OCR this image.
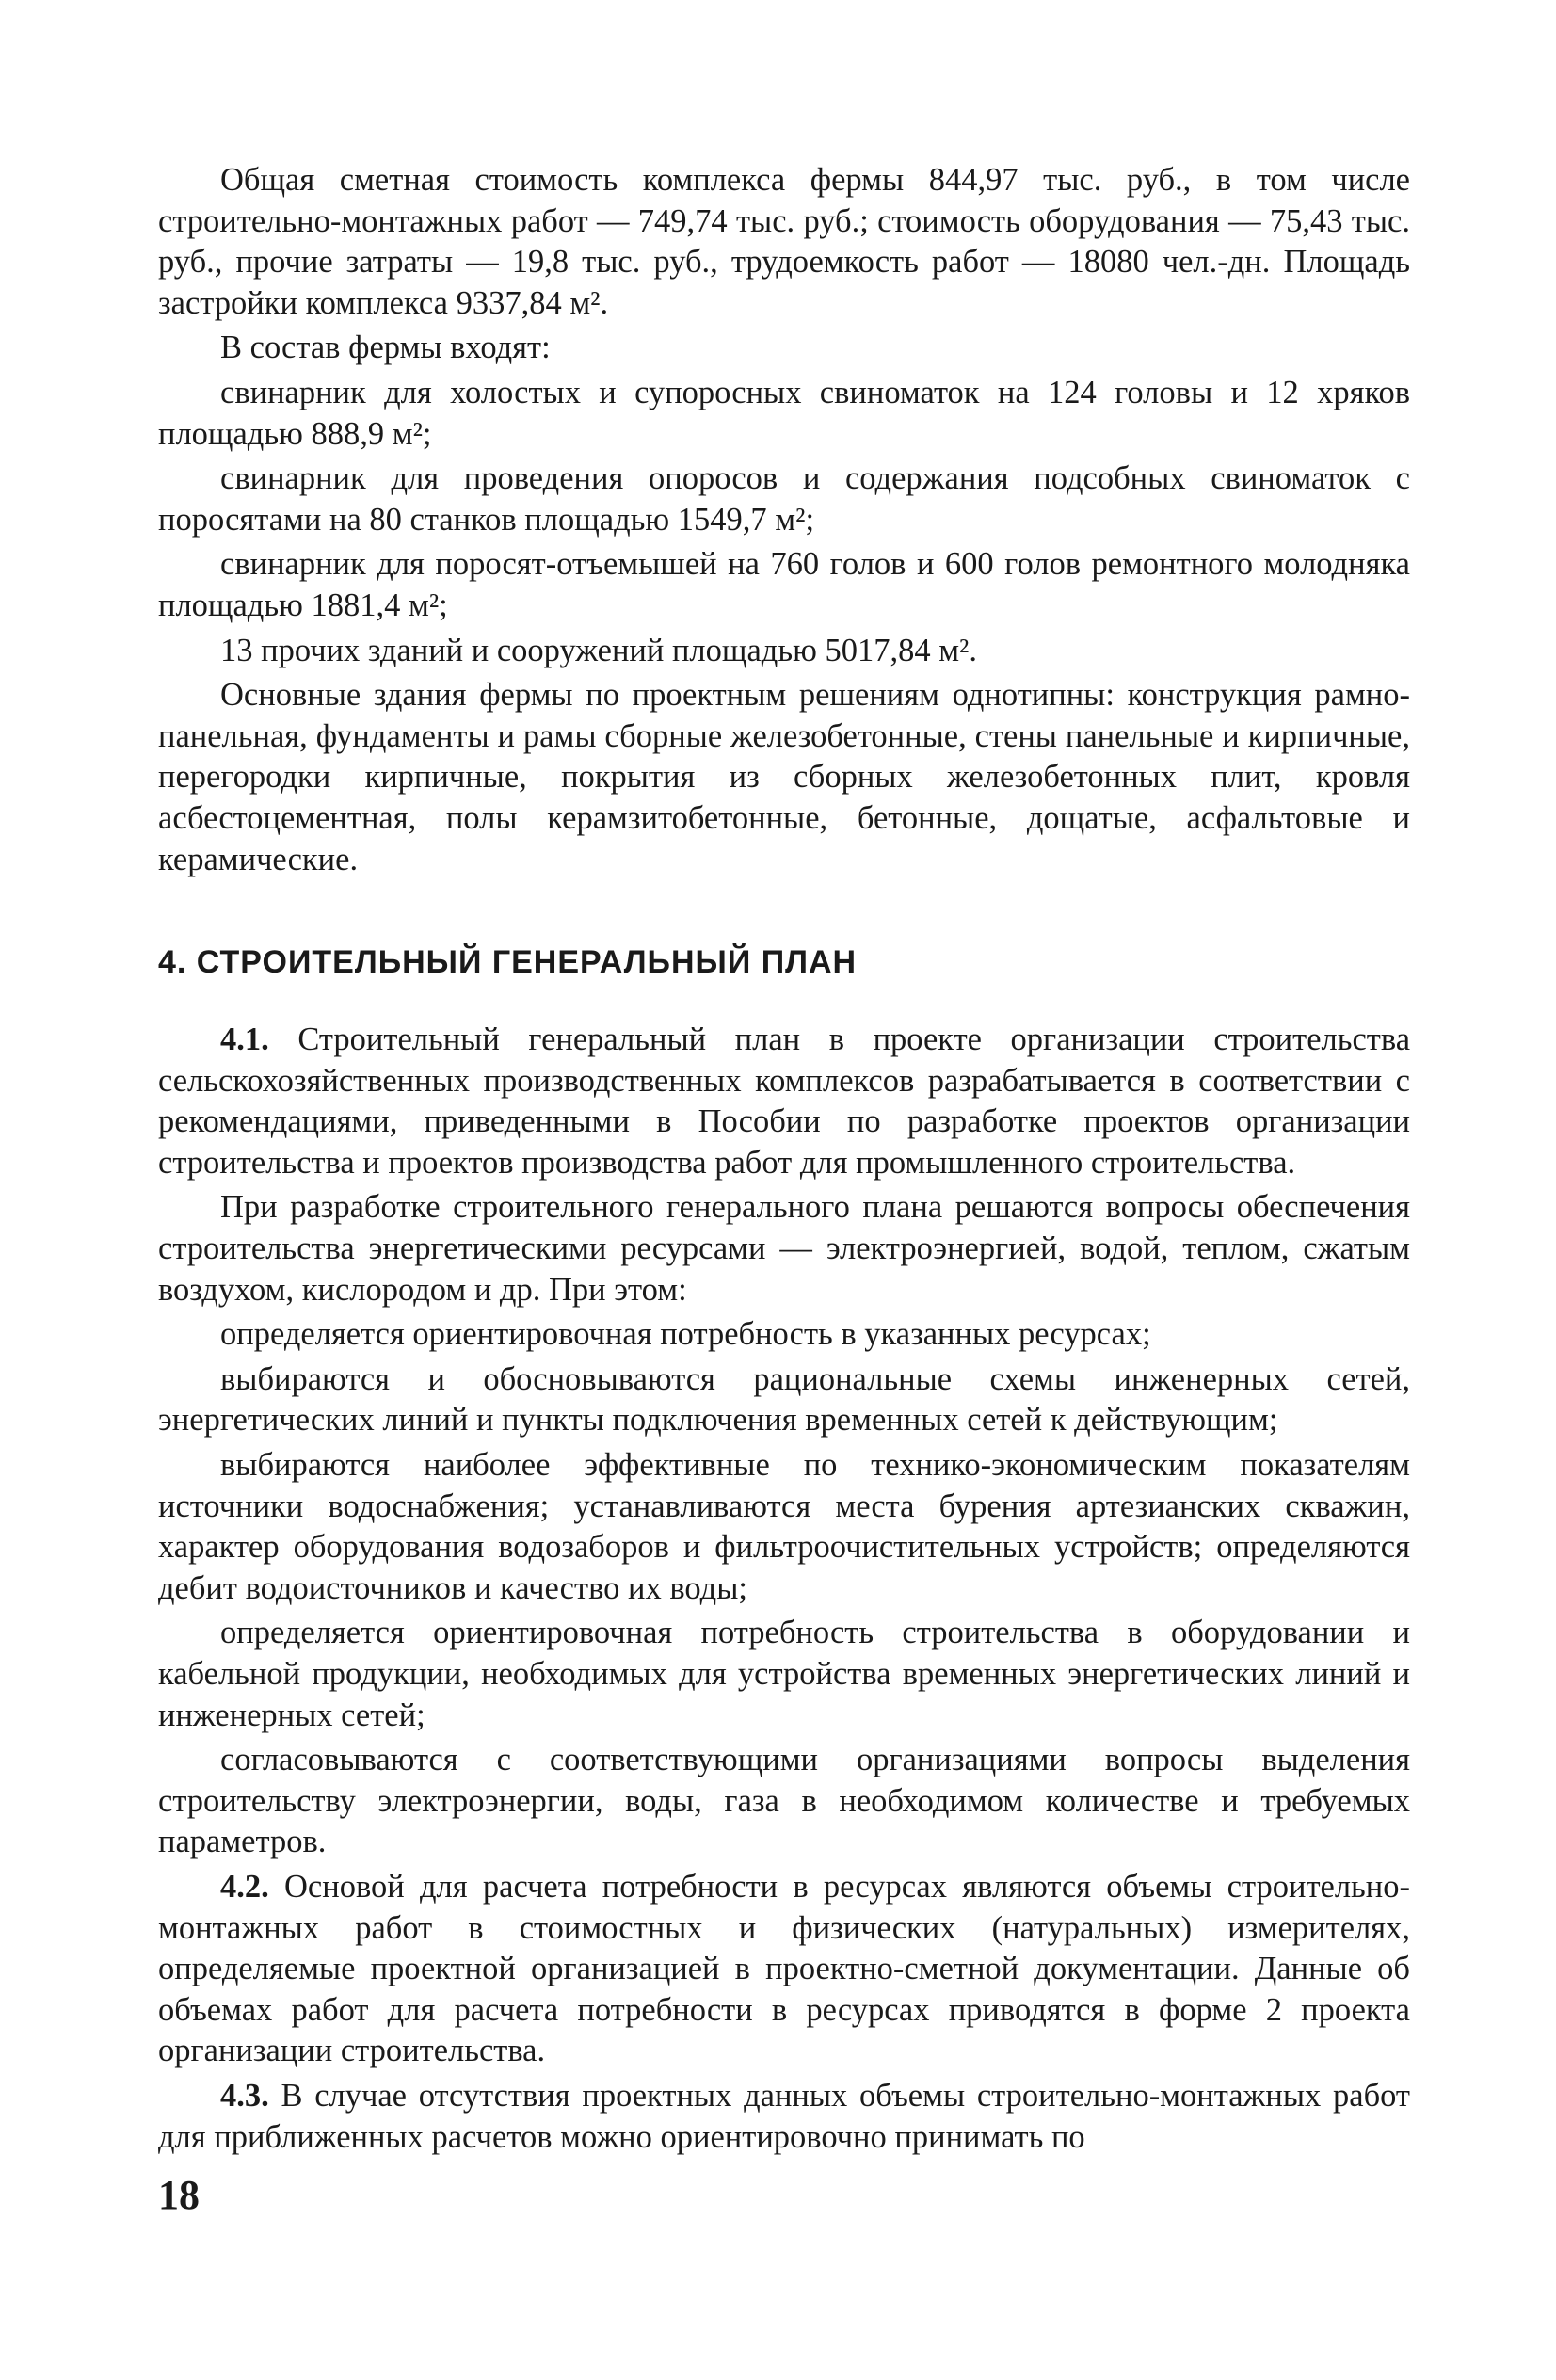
Общая сметная стоимость комплекса фермы 844,97 тыс. руб., в том числе строительно-монтажных работ — 749,74 тыс. руб.; стоимость оборудования — 75,43 тыс. руб., прочие затраты — 19,8 тыс. руб., трудоемкость работ — 18080 чел.-дн. Площадь застройки комплекса 9337,84 м².

В состав фермы входят:

свинарник для холостых и супоросных свиноматок на 124 головы и 12 хряков площадью 888,9 м²;

свинарник для проведения опоросов и содержания подсобных свиноматок с поросятами на 80 станков площадью 1549,7 м²;

свинарник для поросят-отъемышей на 760 голов и 600 голов ремонтного молодняка площадью 1881,4 м²;

13 прочих зданий и сооружений площадью 5017,84 м².

Основные здания фермы по проектным решениям однотипны: конструкция рамно-панельная, фундаменты и рамы сборные железобетонные, стены панельные и кирпичные, перегородки кирпичные, покрытия из сборных железобетонных плит, кровля асбестоцементная, полы керамзитобетонные, бетонные, дощатые, асфальтовые и керамические.

4. СТРОИТЕЛЬНЫЙ ГЕНЕРАЛЬНЫЙ ПЛАН

4.1. Строительный генеральный план в проекте организации строительства сельскохозяйственных производственных комплексов разрабатывается в соответствии с рекомендациями, приведенными в Пособии по разработке проектов организации строительства и проектов производства работ для промышленного строительства.

При разработке строительного генерального плана решаются вопросы обеспечения строительства энергетическими ресурсами — электроэнергией, водой, теплом, сжатым воздухом, кислородом и др. При этом:

определяется ориентировочная потребность в указанных ресурсах;

выбираются и обосновываются рациональные схемы инженерных сетей, энергетических линий и пункты подключения временных сетей к действующим;

выбираются наиболее эффективные по технико-экономическим показателям источники водоснабжения; устанавливаются места бурения артезианских скважин, характер оборудования водозаборов и фильтроочистительных устройств; определяются дебит водоисточников и качество их воды;

определяется ориентировочная потребность строительства в оборудовании и кабельной продукции, необходимых для устройства временных энергетических линий и инженерных сетей;

согласовываются с соответствующими организациями вопросы выделения строительству электроэнергии, воды, газа в необходимом количестве и требуемых параметров.

4.2. Основой для расчета потребности в ресурсах являются объемы строительно-монтажных работ в стоимостных и физических (натуральных) измерителях, определяемые проектной организацией в проектно-сметной документации. Данные об объемах работ для расчета потребности в ресурсах приводятся в форме 2 проекта организации строительства.

4.3. В случае отсутствия проектных данных объемы строительно-монтажных работ для приближенных расчетов можно ориентировочно принимать по

18
